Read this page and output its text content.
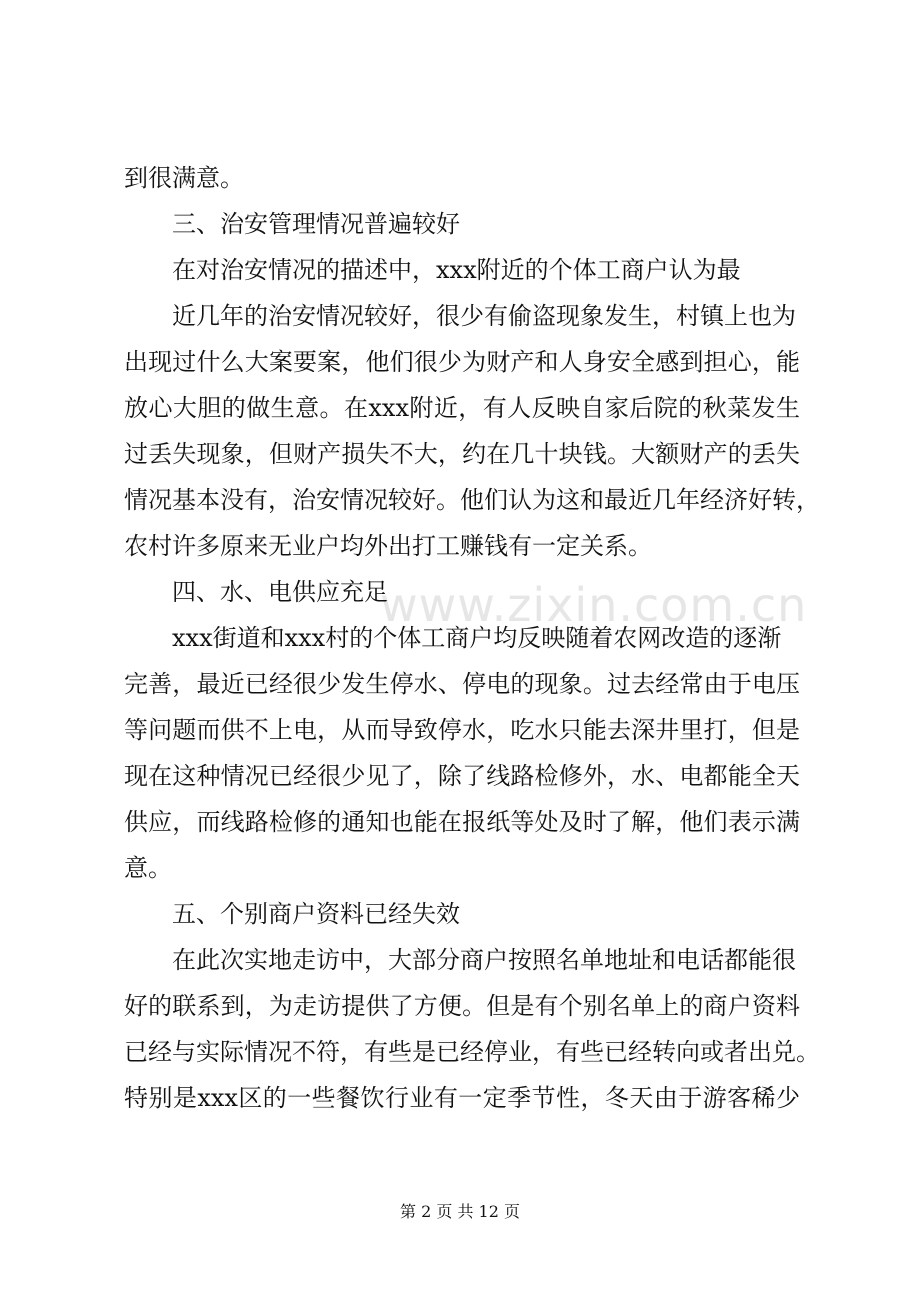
www.zixin.com.cn
到很满意。
三、治安管理情况普遍较好
在对治安情况的描述中，xxx附近的个体工商户认为最
近几年的治安情况较好，很少有偷盗现象发生，村镇上也为
出现过什么大案要案，他们很少为财产和人身安全感到担心，能
放心大胆的做生意。在xxx附近，有人反映自家后院的秋菜发生
过丢失现象，但财产损失不大，约在几十块钱。大额财产的丢失
情况基本没有，治安情况较好。他们认为这和最近几年经济好转，
农村许多原来无业户均外出打工赚钱有一定关系。
四、水、电供应充足
xxx街道和xxx村的个体工商户均反映随着农网改造的逐渐
完善，最近已经很少发生停水、停电的现象。过去经常由于电压
等问题而供不上电，从而导致停水，吃水只能去深井里打，但是
现在这种情况已经很少见了，除了线路检修外，水、电都能全天
供应，而线路检修的通知也能在报纸等处及时了解，他们表示满
意。
五、个别商户资料已经失效
在此次实地走访中，大部分商户按照名单地址和电话都能很
好的联系到，为走访提供了方便。但是有个别名单上的商户资料
已经与实际情况不符，有些是已经停业，有些已经转向或者出兑。
特别是xxx区的一些餐饮行业有一定季节性，冬天由于游客稀少
第 2 页 共 12 页
